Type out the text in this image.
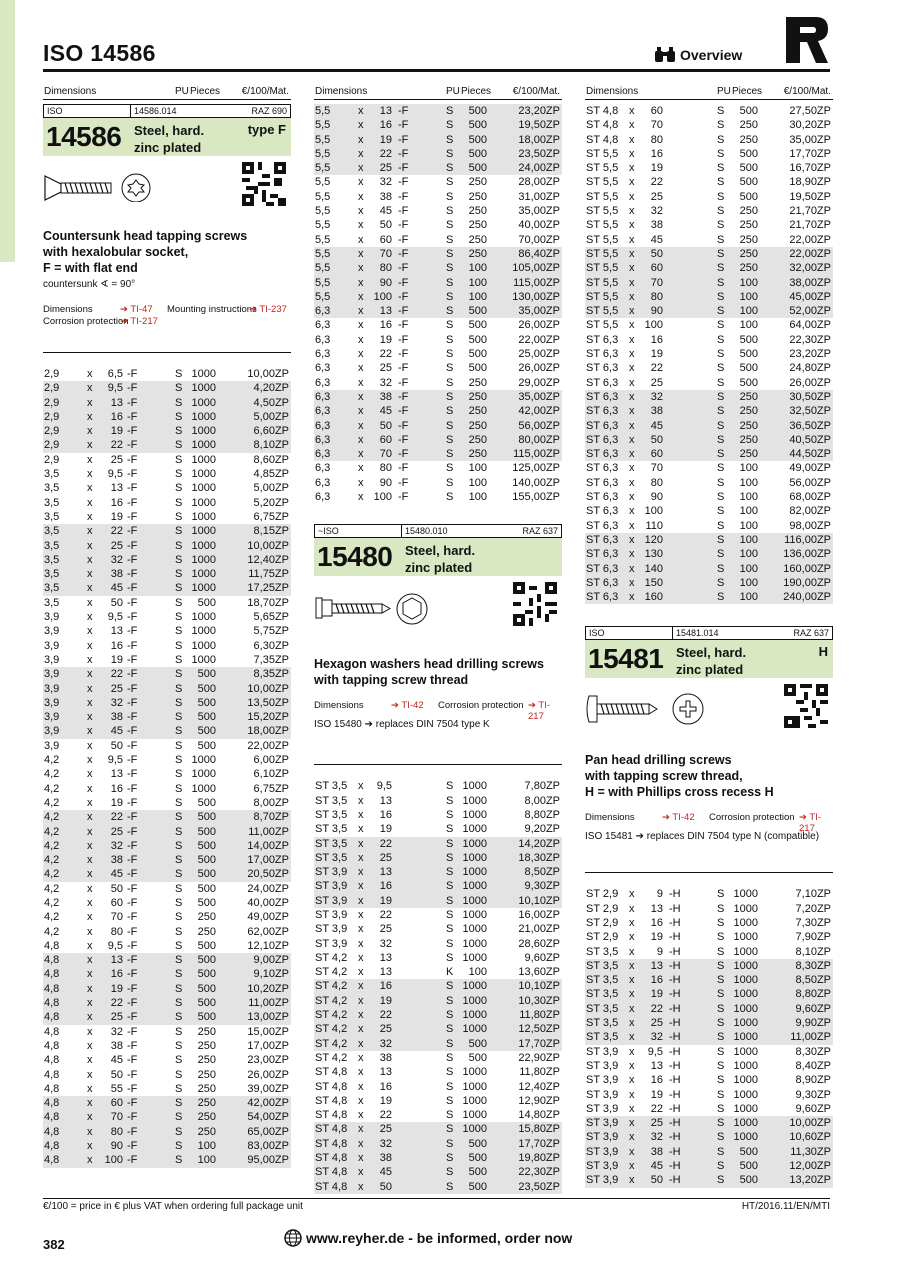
ISO 14586	Overview
Dimensions	PU Pieces €/100/Mat.
ISO	14586.014	RAZ 690
14586 Steel, hard.
zinc plated
type F
Countersunk head tapping screws
with hexalobular socket,
F = with flat end
countersunk ∢ = 90°
Dimensions	➔ TI-47 Mounting instructions
➔ TI-237
Corrosion protection
➔ TI-217
2,9	x	6,5 -F	S 1000	10,00ZP
2,9	x	9,5 -F	S 1000	4,20ZP
2,9	x	13 -F	S 1000	4,50ZP
2,9	x	16 -F	S 1000	5,00ZP
2,9	x	19 -F	S 1000	6,60ZP
2,9	x	22 -F	S 1000	8,10ZP
2,9	x	25 -F	S 1000	8,60ZP
3,5	x	9,5 -F	S 1000	4,85ZP
3,5	x	13 -F	S 1000	5,00ZP
3,5	x	16 -F	S 1000	5,20ZP
3,5	x	19 -F	S 1000	6,75ZP
3,5	x	22 -F	S 1000	8,15ZP
3,5	x	25 -F	S 1000	10,00ZP
3,5	x	32 -F	S 1000	12,40ZP
3,5	x	38 -F	S 1000	11,75ZP
3,5	x	45 -F	S 1000	17,25ZP
3,5	x	50 -F	S	500	18,70ZP
3,9	x	9,5 -F	S 1000	5,65ZP
3,9	x	13 -F	S 1000	5,75ZP
3,9	x	16 -F	S 1000	6,30ZP
3,9	x	19 -F	S 1000	7,35ZP
3,9	x	22 -F	S	500	8,35ZP
3,9	x	25 -F	S	500	10,00ZP
3,9	x	32 -F	S	500	13,50ZP
3,9	x	38 -F	S	500	15,20ZP
3,9	x	45 -F	S	500	18,00ZP
3,9	x	50 -F	S	500	22,00ZP
4,2	x	9,5 -F	S 1000	6,00ZP
4,2	x	13 -F	S 1000	6,10ZP
4,2	x	16 -F	S 1000	6,75ZP
4,2	x	19 -F	S	500	8,00ZP
4,2	x	22 -F	S	500	8,70ZP
4,2	x	25 -F	S	500	11,00ZP
4,2	x	32 -F	S	500	14,00ZP
4,2	x	38 -F	S	500	17,00ZP
4,2	x	45 -F	S	500	20,50ZP
4,2	x	50 -F	S	500	24,00ZP
4,2	x	60 -F	S	500	40,00ZP
4,2	x	70 -F	S	250	49,00ZP
4,2	x	80 -F	S	250	62,00ZP
4,8	x	9,5 -F	S	500	12,10ZP
4,8	x	13 -F	S	500	9,00ZP
4,8	x	16 -F	S	500	9,10ZP
4,8	x	19 -F	S	500	10,20ZP
4,8	x	22 -F	S	500	11,00ZP
4,8	x	25 -F	S	500	13,00ZP
4,8	x	32 -F	S	250	15,00ZP
4,8	x	38 -F	S	250	17,00ZP
4,8	x	45 -F	S	250	23,00ZP
4,8	x	50 -F	S	250	26,00ZP
4,8	x	55 -F	S	250	39,00ZP
4,8	x	60 -F	S	250	42,00ZP
4,8	x	70 -F	S	250	54,00ZP
4,8	x	80 -F	S	250	65,00ZP
4,8	x	90 -F	S	100	83,00ZP
4,8	x	100 -F	S	100	95,00ZP
Dimensions	PU Pieces €/100/Mat.
5,5	x	13 -F	S	500	23,20ZP
5,5	x	16 -F	S	500	19,50ZP
5,5	x	19 -F	S	500	18,00ZP
5,5	x	22 -F	S	500	23,50ZP
5,5	x	25 -F	S	500	24,00ZP
5,5	x	32 -F	S	250	28,00ZP
5,5	x	38 -F	S	250	31,00ZP
5,5	x	45 -F	S	250	35,00ZP
5,5	x	50 -F	S	250	40,00ZP
5,5	x	60 -F	S	250	70,00ZP
5,5	x	70 -F	S	250	86,40ZP
5,5	x	80 -F	S	100 105,00ZP
5,5	x	90 -F	S	100 115,00ZP
5,5	x 100 -F	S	100 130,00ZP
6,3	x	13 -F	S	500	35,00ZP
6,3	x	16 -F	S	500	26,00ZP
6,3	x	19 -F	S	500	22,00ZP
6,3	x	22 -F	S	500	25,00ZP
6,3	x	25 -F	S	500	26,00ZP
6,3	x	32 -F	S	250	29,00ZP
6,3	x	38 -F	S	250	35,00ZP
6,3	x	45 -F	S	250	42,00ZP
6,3	x	50 -F	S	250	56,00ZP
6,3	x	60 -F	S	250	80,00ZP
6,3	x	70 -F	S	250 115,00ZP
6,3	x	80 -F	S	100 125,00ZP
6,3	x	90 -F	S	100 140,00ZP
6,3	x 100 -F	S	100 155,00ZP
~ISO	15480.010	RAZ 637
15480 Steel, hard.
zinc plated
Hexagon washers head drilling screws
with tapping screw thread
Dimensions	➔ TI-42 Corrosion protection ➔ TI-217
ISO 15480 ➔ replaces DIN 7504 type K
ST 3,5 x	9,5	S 1000	7,80ZP
ST 3,5 x	13	S 1000	8,00ZP
ST 3,5 x	16	S 1000	8,80ZP
ST 3,5 x	19	S 1000	9,20ZP
ST 3,5 x	22	S 1000	14,20ZP
ST 3,5 x	25	S 1000	18,30ZP
ST 3,9 x	13	S 1000	8,50ZP
ST 3,9 x	16	S 1000	9,30ZP
ST 3,9 x	19	S 1000	10,10ZP
ST 3,9 x	22	S 1000	16,00ZP
ST 3,9 x	25	S 1000	21,00ZP
ST 3,9 x	32	S 1000	28,60ZP
ST 4,2 x	13	S 1000	9,60ZP
ST 4,2 x	13	K	100	13,60ZP
ST 4,2 x	16	S 1000	10,10ZP
ST 4,2 x	19	S 1000	10,30ZP
ST 4,2 x	22	S 1000	11,80ZP
ST 4,2 x	25	S 1000	12,50ZP
ST 4,2 x	32	S	500	17,70ZP
ST 4,2 x	38	S	500	22,90ZP
ST 4,8 x	13	S 1000	11,80ZP
ST 4,8 x	16	S 1000	12,40ZP
ST 4,8 x	19	S 1000	12,90ZP
ST 4,8 x	22	S 1000	14,80ZP
ST 4,8 x	25	S 1000	15,80ZP
ST 4,8 x	32	S	500	17,70ZP
ST 4,8 x	38	S	500	19,80ZP
ST 4,8 x	45	S	500	22,30ZP
ST 4,8 x	50	S	500	23,50ZP
Dimensions	PU Pieces €/100/Mat.
ST 4,8 x	60	S	500	27,50ZP
ST 4,8 x	70	S	250	30,20ZP
ST 4,8 x	80	S	250	35,00ZP
ST 5,5 x	16	S	500	17,70ZP
ST 5,5 x	19	S	500	16,70ZP
ST 5,5 x	22	S	500	18,90ZP
ST 5,5 x	25	S	500	19,50ZP
ST 5,5 x	32	S	250	21,70ZP
ST 5,5 x	38	S	250	21,70ZP
ST 5,5 x	45	S	250	22,00ZP
ST 5,5 x	50	S	250	22,00ZP
ST 5,5 x	60	S	250	32,00ZP
ST 5,5 x	70	S	100	38,00ZP
ST 5,5 x	80	S	100	45,00ZP
ST 5,5 x	90	S	100	52,00ZP
ST 5,5 x 100	S	100	64,00ZP
ST 6,3 x	16	S	500	22,30ZP
ST 6,3 x	19	S	500	23,20ZP
ST 6,3 x	22	S	500	24,80ZP
ST 6,3 x	25	S	500	26,00ZP
ST 6,3 x	32	S	250	30,50ZP
ST 6,3 x	38	S	250	32,50ZP
ST 6,3 x	45	S	250	36,50ZP
ST 6,3 x	50	S	250	40,50ZP
ST 6,3 x	60	S	250	44,50ZP
ST 6,3 x	70	S	100	49,00ZP
ST 6,3 x	80	S	100	56,00ZP
ST 6,3 x	90	S	100	68,00ZP
ST 6,3 x 100	S	100	82,00ZP
ST 6,3 x 110	S	100	98,00ZP
ST 6,3 x 120	S	100 116,00ZP
ST 6,3 x 130	S	100 136,00ZP
ST 6,3 x 140	S	100 160,00ZP
ST 6,3 x 150	S	100 190,00ZP
ST 6,3 x 160	S	100 240,00ZP
ISO	15481.014	RAZ 637
15481 Steel, hard.
zinc plated
H
Pan head drilling screws
with tapping screw thread,
H = with Phillips cross recess H
Dimensions	➔ TI-42 Corrosion protection ➔ TI-217
ISO 15481 ➔ replaces DIN 7504 type N (compatible)
ST 2,9 x	9 -H	S 1000	7,10ZP
ST 2,9 x	13 -H	S 1000	7,20ZP
ST 2,9 x	16 -H	S 1000	7,30ZP
ST 2,9 x	19 -H	S 1000	7,90ZP
ST 3,5 x	9 -H	S 1000	8,10ZP
ST 3,5 x	13 -H	S 1000	8,30ZP
ST 3,5 x	16 -H	S 1000	8,50ZP
ST 3,5 x	19 -H	S 1000	8,80ZP
ST 3,5 x	22 -H	S 1000	9,60ZP
ST 3,5 x	25 -H	S 1000	9,90ZP
ST 3,5 x	32 -H	S 1000	11,00ZP
ST 3,9 x	9,5 -H	S 1000	8,30ZP
ST 3,9 x	13 -H	S 1000	8,40ZP
ST 3,9 x	16 -H	S 1000	8,90ZP
ST 3,9 x	19 -H	S 1000	9,30ZP
ST 3,9 x	22 -H	S 1000	9,60ZP
ST 3,9 x	25 -H	S 1000	10,00ZP
ST 3,9 x	32 -H	S 1000	10,60ZP
ST 3,9 x	38 -H	S	500	11,30ZP
ST 3,9 x	45 -H	S	500	12,00ZP
ST 3,9 x	50 -H	S	500	13,20ZP
€/100 = price in € plus VAT when ordering full package unit	HT/2016.11/EN/MTI
382	www.reyher.de - be informed, order now
